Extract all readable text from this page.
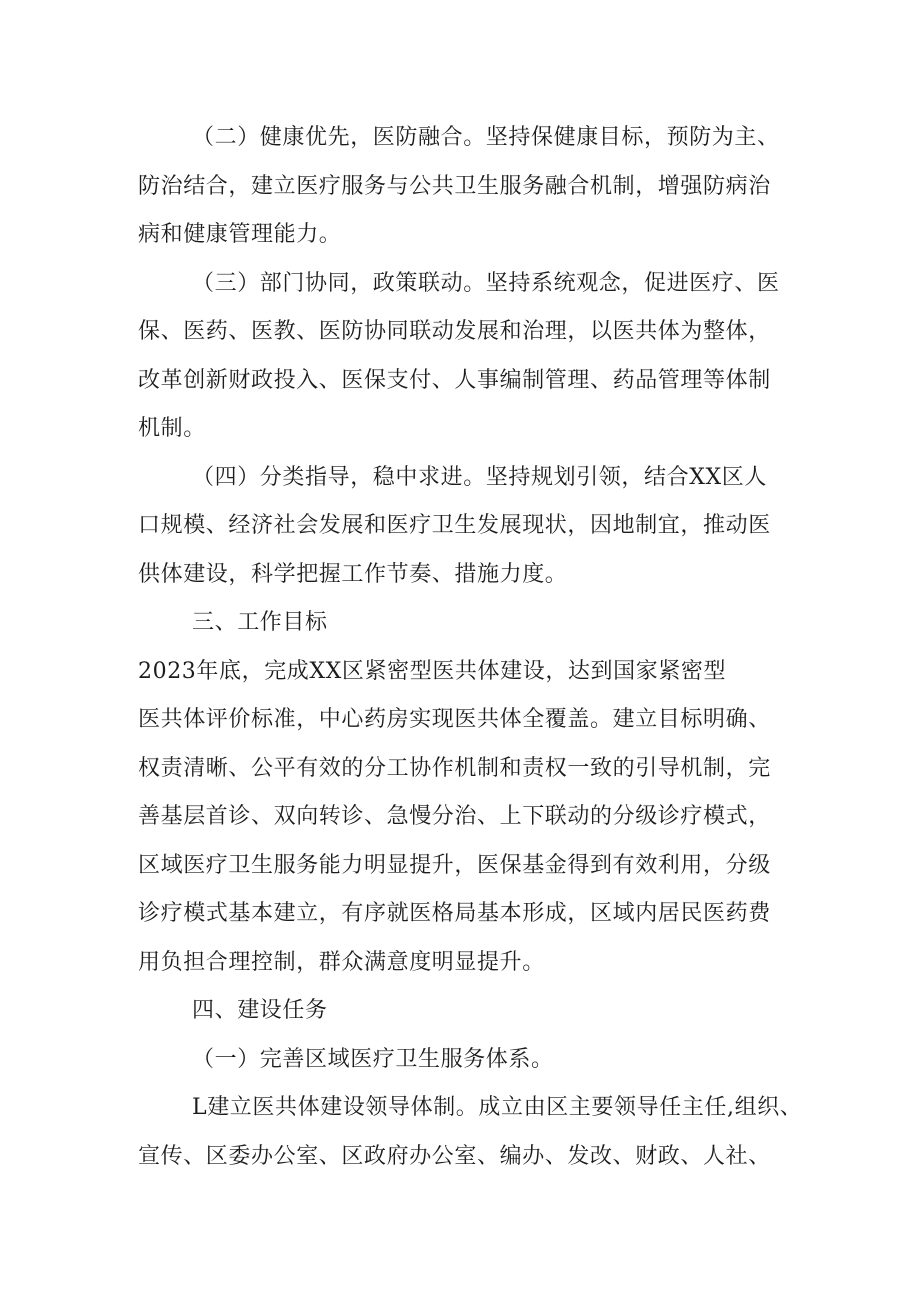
（二）健康优先，医防融合。坚持保健康目标，预防为主、
防治结合，建立医疗服务与公共卫生服务融合机制，增强防病治
病和健康管理能力。
（三）部门协同，政策联动。坚持系统观念，促进医疗、医
保、医药、医教、医防协同联动发展和治理，以医共体为整体，
改革创新财政投入、医保支付、人事编制管理、药品管理等体制
机制。
（四）分类指导，稳中求进。坚持规划引领，结合XX区人
口规模、经济社会发展和医疗卫生发展现状，因地制宜，推动医
供体建设，科学把握工作节奏、措施力度。
三、工作目标
2023年底，完成XX区紧密型医共体建设，达到国家紧密型
医共体评价标准，中心药房实现医共体全覆盖。建立目标明确、
权责清晰、公平有效的分工协作机制和责权一致的引导机制，完
善基层首诊、双向转诊、急慢分治、上下联动的分级诊疗模式，
区域医疗卫生服务能力明显提升，医保基金得到有效利用，分级
诊疗模式基本建立，有序就医格局基本形成，区域内居民医药费
用负担合理控制，群众满意度明显提升。
四、建设任务
（一）完善区域医疗卫生服务体系。
L建立医共体建设领导体制。成立由区主要领导任主任,组织、
宣传、区委办公室、区政府办公室、编办、发改、财政、人社、
